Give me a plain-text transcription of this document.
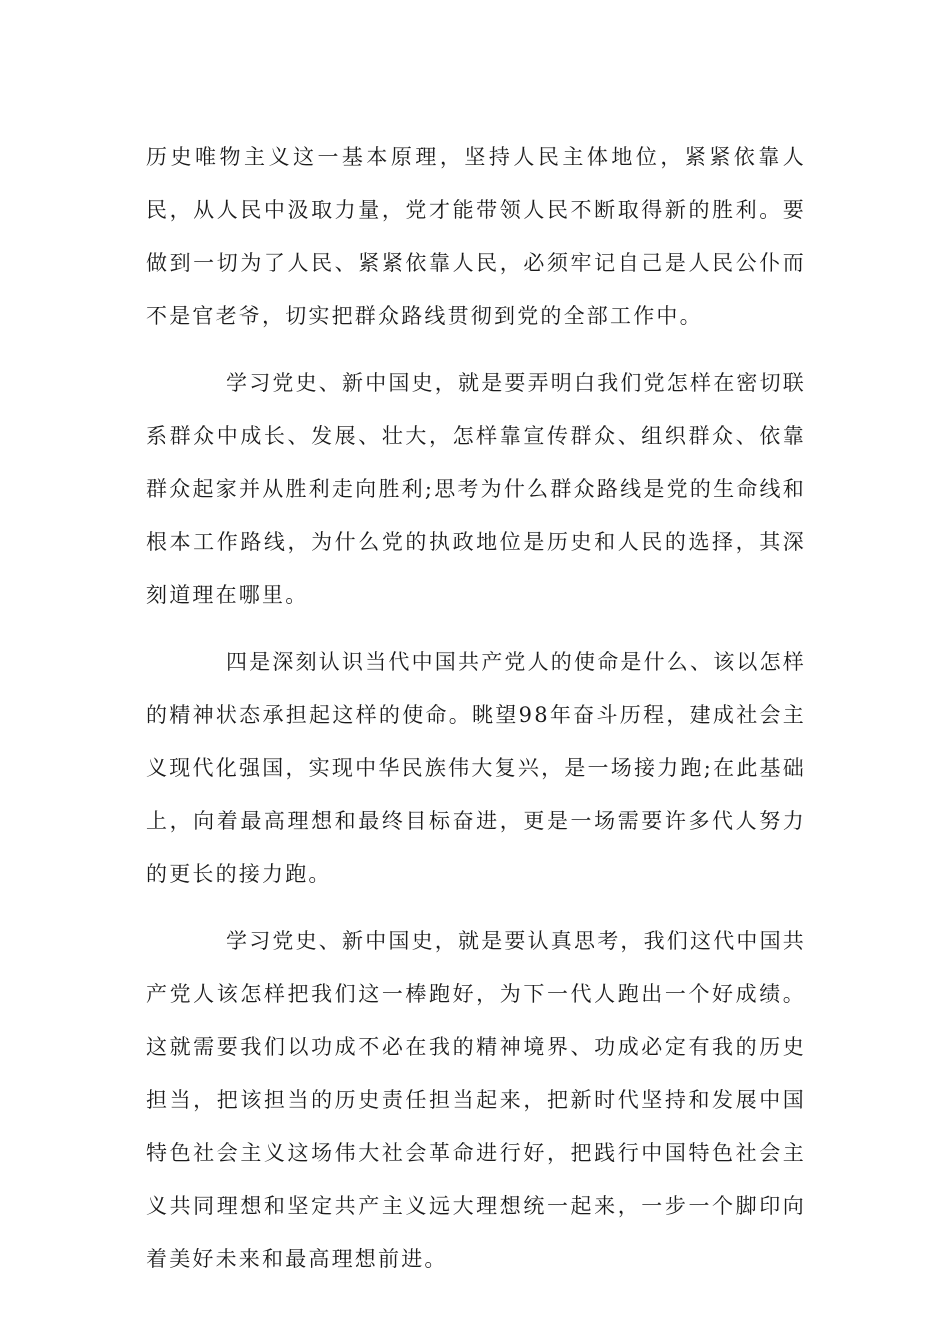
历史唯物主义这一基本原理，坚持人民主体地位，紧紧依靠人民，从人民中汲取力量，党才能带领人民不断取得新的胜利。要做到一切为了人民、紧紧依靠人民，必须牢记自己是人民公仆而不是官老爷，切实把群众路线贯彻到党的全部工作中。

学习党史、新中国史，就是要弄明白我们党怎样在密切联系群众中成长、发展、壮大，怎样靠宣传群众、组织群众、依靠群众起家并从胜利走向胜利;思考为什么群众路线是党的生命线和根本工作路线，为什么党的执政地位是历史和人民的选择，其深刻道理在哪里。

四是深刻认识当代中国共产党人的使命是什么、该以怎样的精神状态承担起这样的使命。眺望98年奋斗历程，建成社会主义现代化强国，实现中华民族伟大复兴，是一场接力跑;在此基础上，向着最高理想和最终目标奋进，更是一场需要许多代人努力的更长的接力跑。

学习党史、新中国史，就是要认真思考，我们这代中国共产党人该怎样把我们这一棒跑好，为下一代人跑出一个好成绩。这就需要我们以功成不必在我的精神境界、功成必定有我的历史担当，把该担当的历史责任担当起来，把新时代坚持和发展中国特色社会主义这场伟大社会革命进行好，把践行中国特色社会主义共同理想和坚定共产主义远大理想统一起来，一步一个脚印向着美好未来和最高理想前进。
